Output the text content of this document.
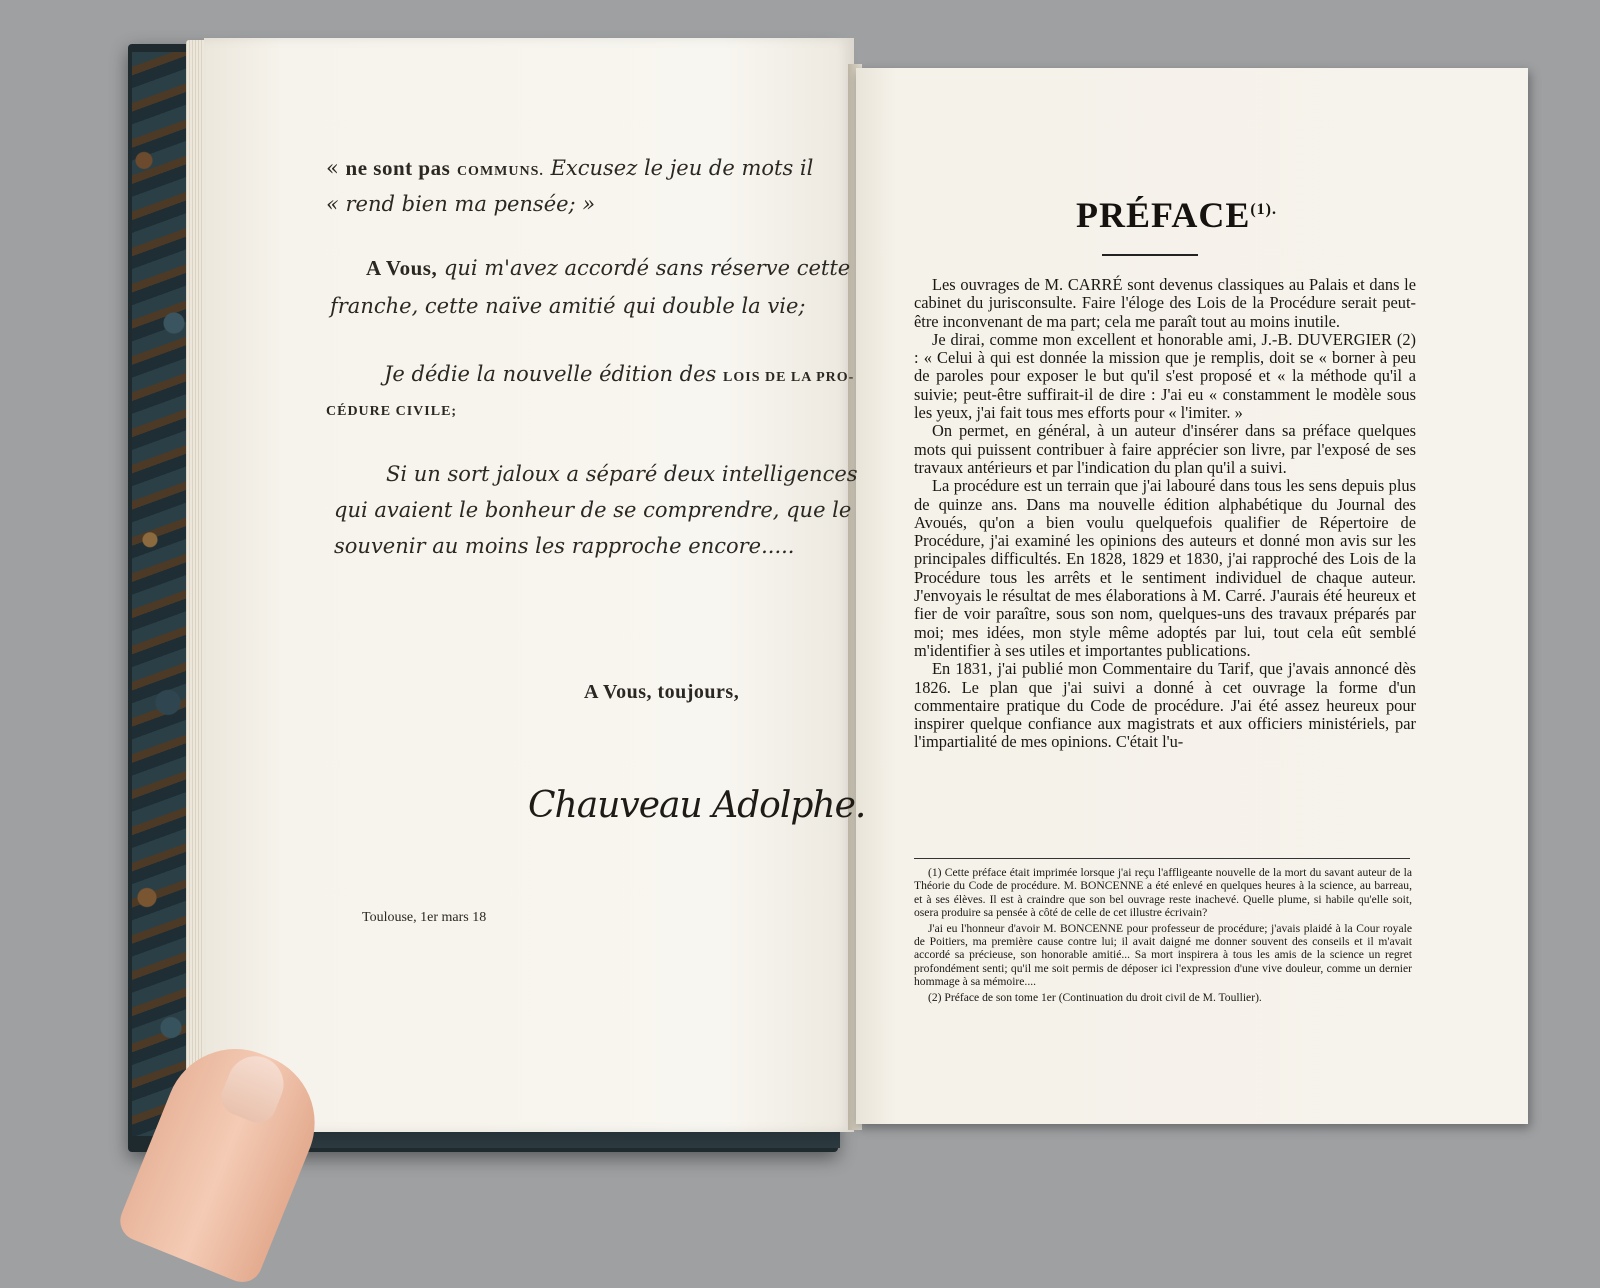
« ne sont pas COMMUNS. Excusez le jeu de mots il
« rend bien ma pensée; »
A Vous, qui m'avez accordé sans réserve cette
franche, cette naïve amitié qui double la vie;
Je dédie la nouvelle édition des LOIS DE LA PRO-
CÉDURE CIVILE;
Si un sort jaloux a séparé deux intelligences
qui avaient le bonheur de se comprendre, que le
souvenir au moins les rapproche encore.....
A Vous, toujours,
Chauveau Adolphe.
Toulouse, 1er mars 18
$PRÉFACE^{(1).}$

Les ouvrages de M. CARRÉ sont devenus classiques au Palais et dans le cabinet du jurisconsulte. Faire l'éloge des Lois de la Procédure serait peut-être inconvenant de ma part; cela me paraît tout au moins inutile.

Je dirai, comme mon excellent et honorable ami, J.-B. DUVERGIER (2) : « Celui à qui est donnée la mission que je remplis, doit se « borner à peu de paroles pour exposer le but qu'il s'est proposé et « la méthode qu'il a suivie; peut-être suffirait-il de dire : J'ai eu « constamment le modèle sous les yeux, j'ai fait tous mes efforts pour « l'imiter. »

On permet, en général, à un auteur d'insérer dans sa préface quelques mots qui puissent contribuer à faire apprécier son livre, par l'exposé de ses travaux antérieurs et par l'indication du plan qu'il a suivi.

La procédure est un terrain que j'ai labouré dans tous les sens depuis plus de quinze ans. Dans ma nouvelle édition alphabétique du Journal des Avoués, qu'on a bien voulu quelquefois qualifier de Répertoire de Procédure, j'ai examiné les opinions des auteurs et donné mon avis sur les principales difficultés. En 1828, 1829 et 1830, j'ai rapproché des Lois de la Procédure tous les arrêts et le sentiment individuel de chaque auteur. J'envoyais le résultat de mes élaborations à M. Carré. J'aurais été heureux et fier de voir paraître, sous son nom, quelques-uns des travaux préparés par moi; mes idées, mon style même adoptés par lui, tout cela eût semblé m'identifier à ses utiles et importantes publications.

En 1831, j'ai publié mon Commentaire du Tarif, que j'avais annoncé dès 1826. Le plan que j'ai suivi a donné à cet ouvrage la forme d'un commentaire pratique du Code de procédure. J'ai été assez heureux pour inspirer quelque confiance aux magistrats et aux officiers ministériels, par l'impartialité de mes opinions. C'était l'u-

(1) Cette préface était imprimée lorsque j'ai reçu l'affligeante nouvelle de la mort du savant auteur de la Théorie du Code de procédure. M. BONCENNE a été enlevé en quelques heures à la science, au barreau, et à ses élèves. Il est à craindre que son bel ouvrage reste inachevé. Quelle plume, si habile qu'elle soit, osera produire sa pensée à côté de celle de cet illustre écrivain?

J'ai eu l'honneur d'avoir M. BONCENNE pour professeur de procédure; j'avais plaidé à la Cour royale de Poitiers, ma première cause contre lui; il avait daigné me donner souvent des conseils et il m'avait accordé sa précieuse, son honorable amitié... Sa mort inspirera à tous les amis de la science un regret profondément senti; qu'il me soit permis de déposer ici l'expression d'une vive douleur, comme un dernier hommage à sa mémoire....

(2) Préface de son tome 1er (Continuation du droit civil de M. Toullier).
